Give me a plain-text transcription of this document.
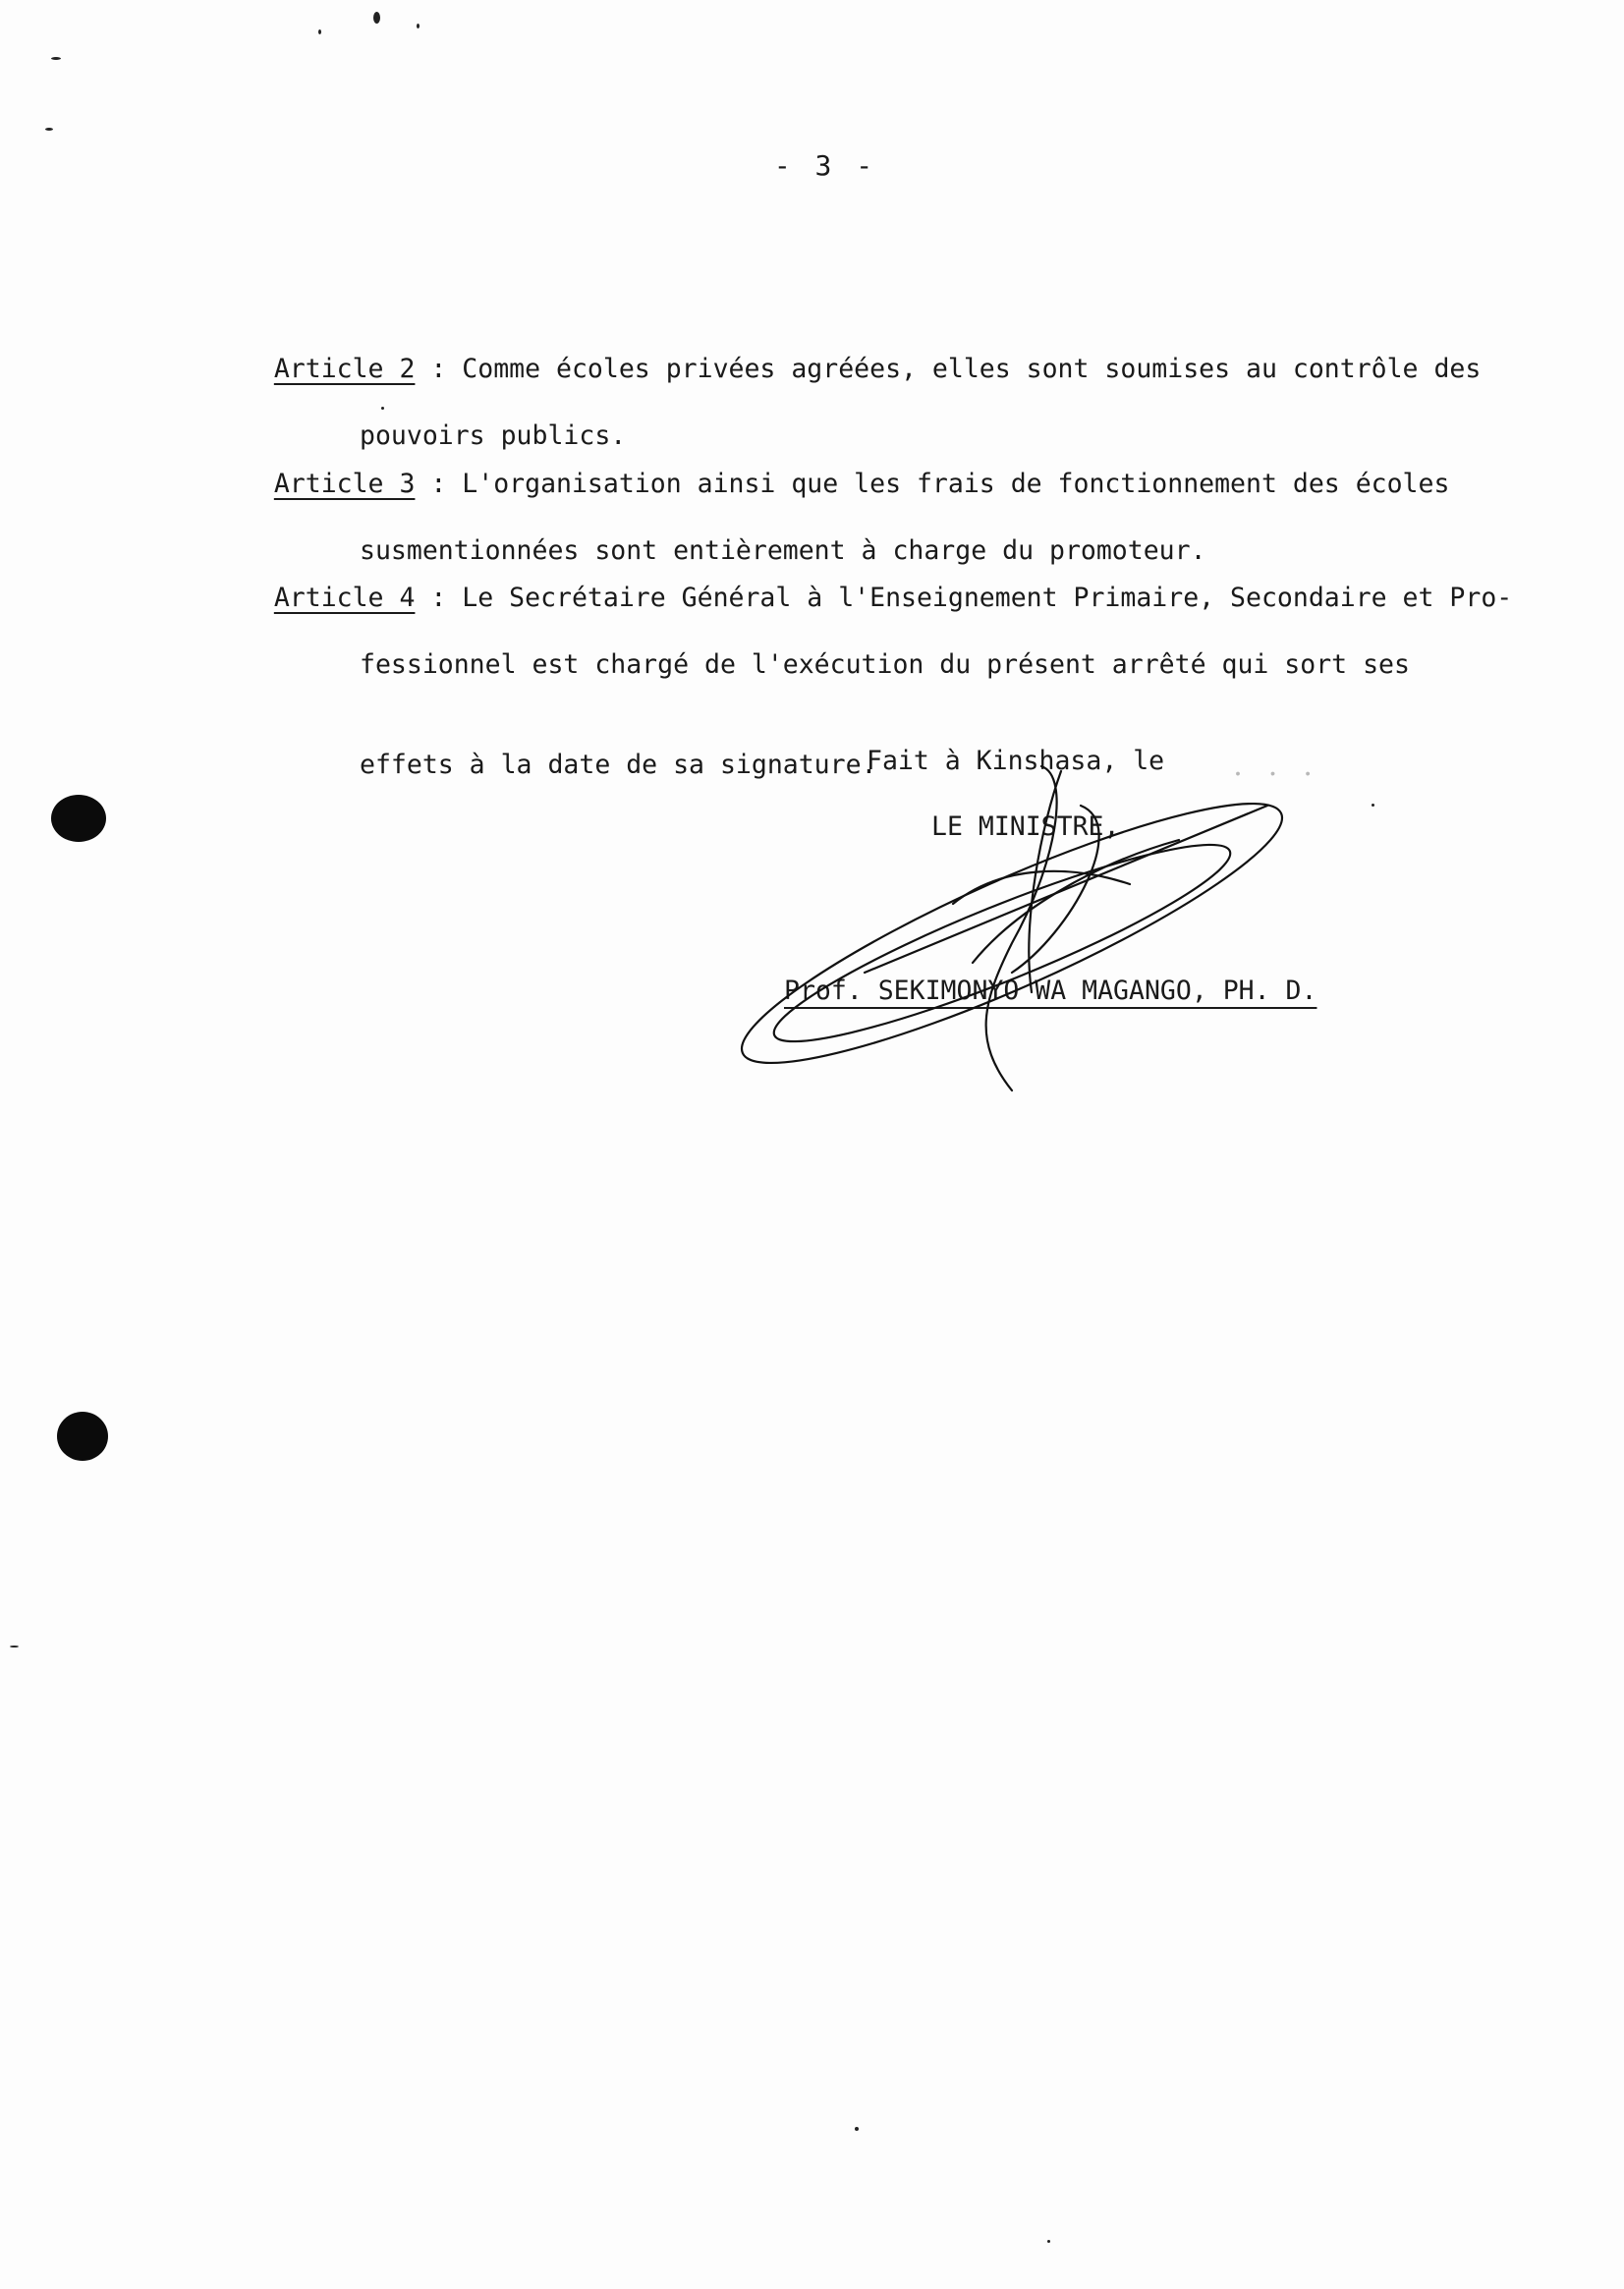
- 3 -

Article 2 : Comme écoles privées agréées, elles sont soumises au contrôle des

pouvoirs publics.

Article 3 : L'organisation ainsi que les frais de fonctionnement des écoles

susmentionnées sont entièrement à charge du promoteur.

Article 4 : Le Secrétaire Général à l'Enseignement Primaire, Secondaire et Pro-

fessionnel est chargé de l'exécution du présent arrêté qui sort ses

effets à la date de sa signature.

Fait à Kinshasa, le ․ ․ ․
LE MINISTRE,
Prof. SEKIMONYO WA MAGANGO, PH. D.
